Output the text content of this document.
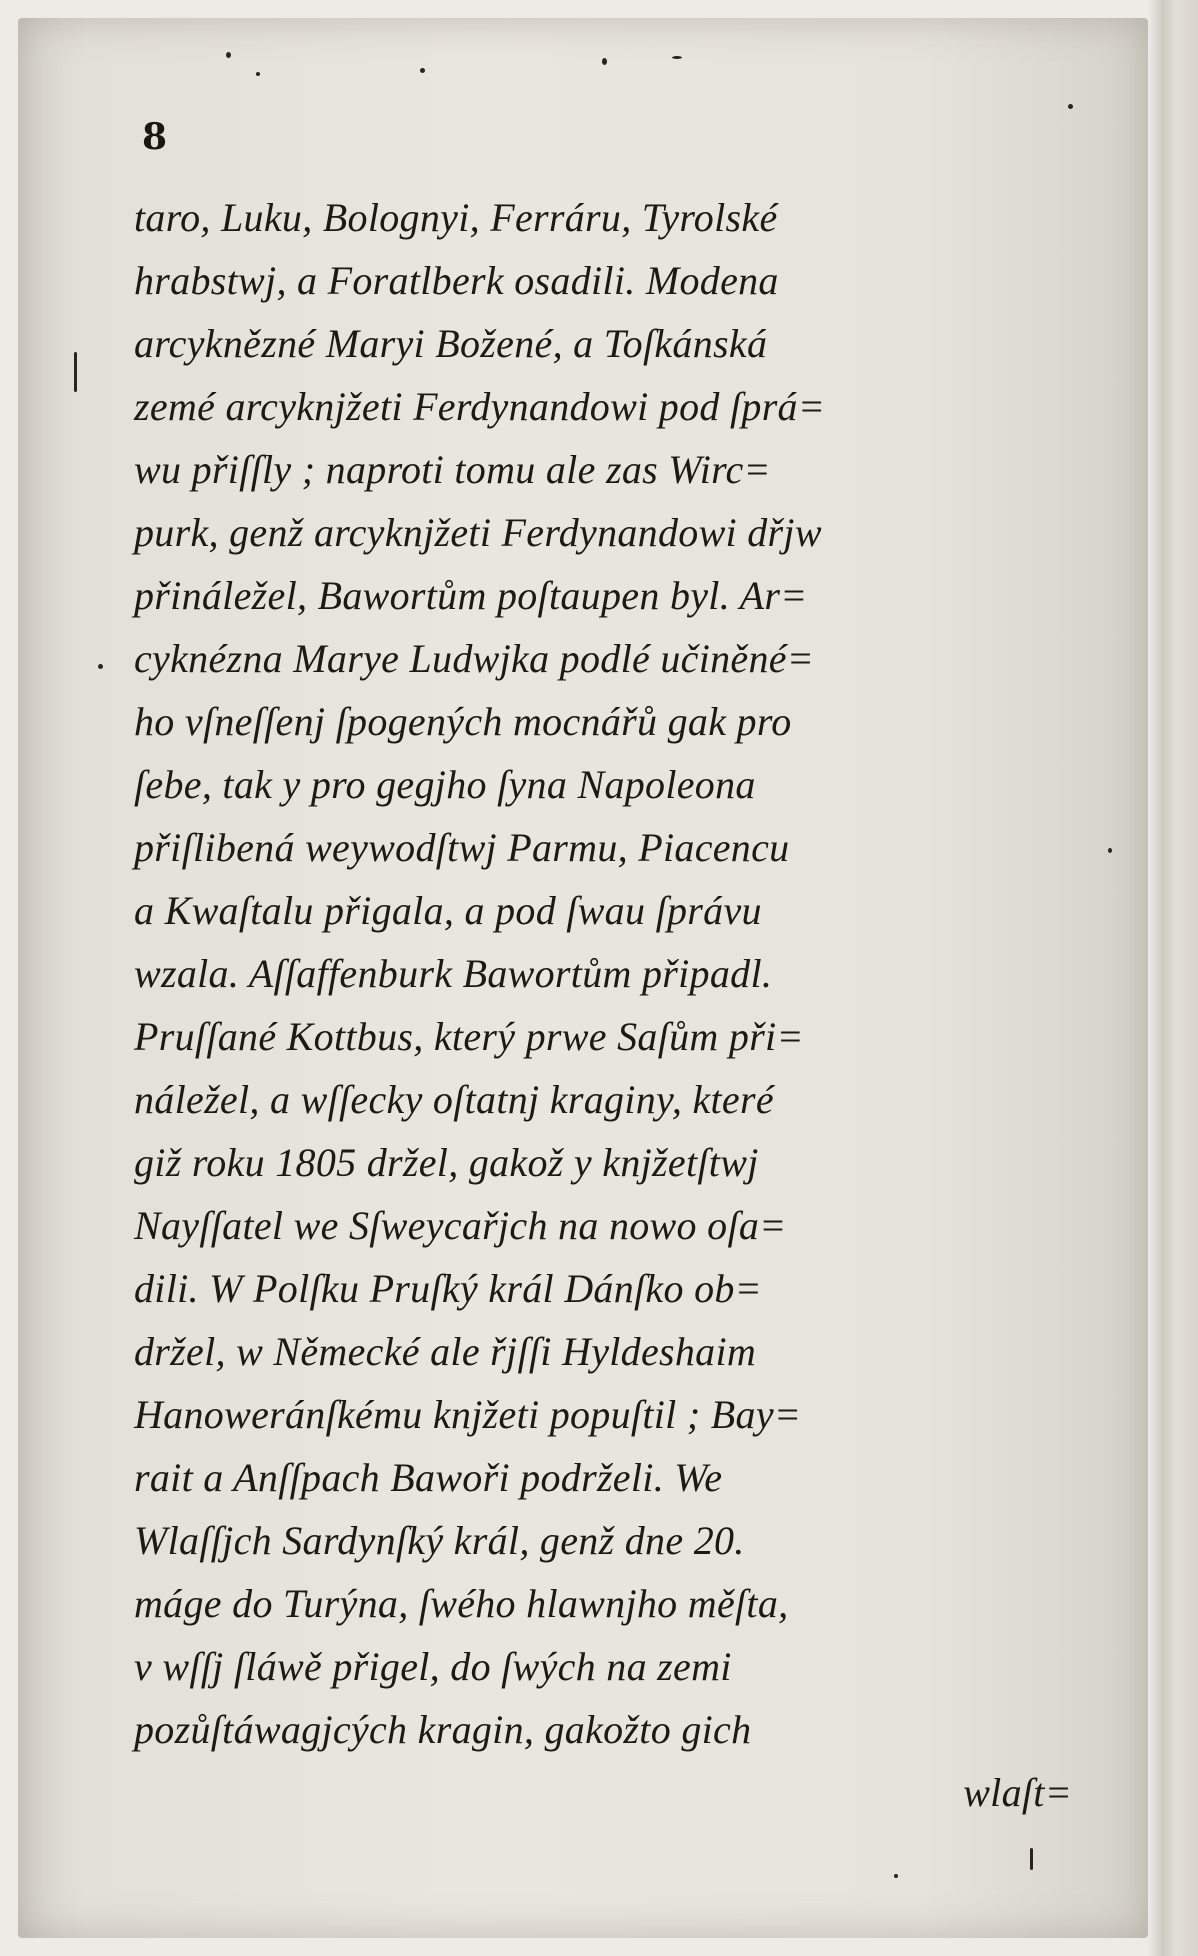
8
taro, Luku, Bolognyi, Ferráru, Tyrolské
hrabstwj, a Foratlberk osadili. Modena
arcyknězné Maryi Božené, a Toſkánská
zemé arcyknjžeti Ferdynandowi pod ſprá=
wu přiſſly ; naproti tomu ale zas Wirc=
purk, genž arcyknjžeti Ferdynandowi dřjw
přináležel, Bawortům poſtaupen byl. Ar=
cyknézna Marye Ludwjka podlé učiněné=
ho vſneſſenj ſpogených mocnářů gak pro
ſebe, tak y pro gegjho ſyna Napoleona
přiſlibená weywodſtwj Parmu, Piacencu
a Kwaſtalu přigala, a pod ſwau ſprávu
wzala. Aſſaffenburk Bawortům připadl.
Pruſſané Kottbus, který prwe Saſům při=
náležel, a wſſecky oſtatnj kraginy, které
giž roku 1805 držel, gakož y knjžetſtwj
Nayſſatel we Sſweycařjch na nowo oſa=
dili. W Polſku Pruſký král Dánſko ob=
držel, w Německé ale řjſſi Hyldeshaim
Hanoweránſkému knjžeti popuſtil ; Bay=
rait a Anſſpach Bawoři podrželi. We
Wlaſſjch Sardynſký král, genž dne 20.
máge do Turýna, ſwého hlawnjho měſta,
v wſſj ſláwě přigel, do ſwých na zemi
pozůſtáwagjcých kragin, gakožto gich
wlaſt=
